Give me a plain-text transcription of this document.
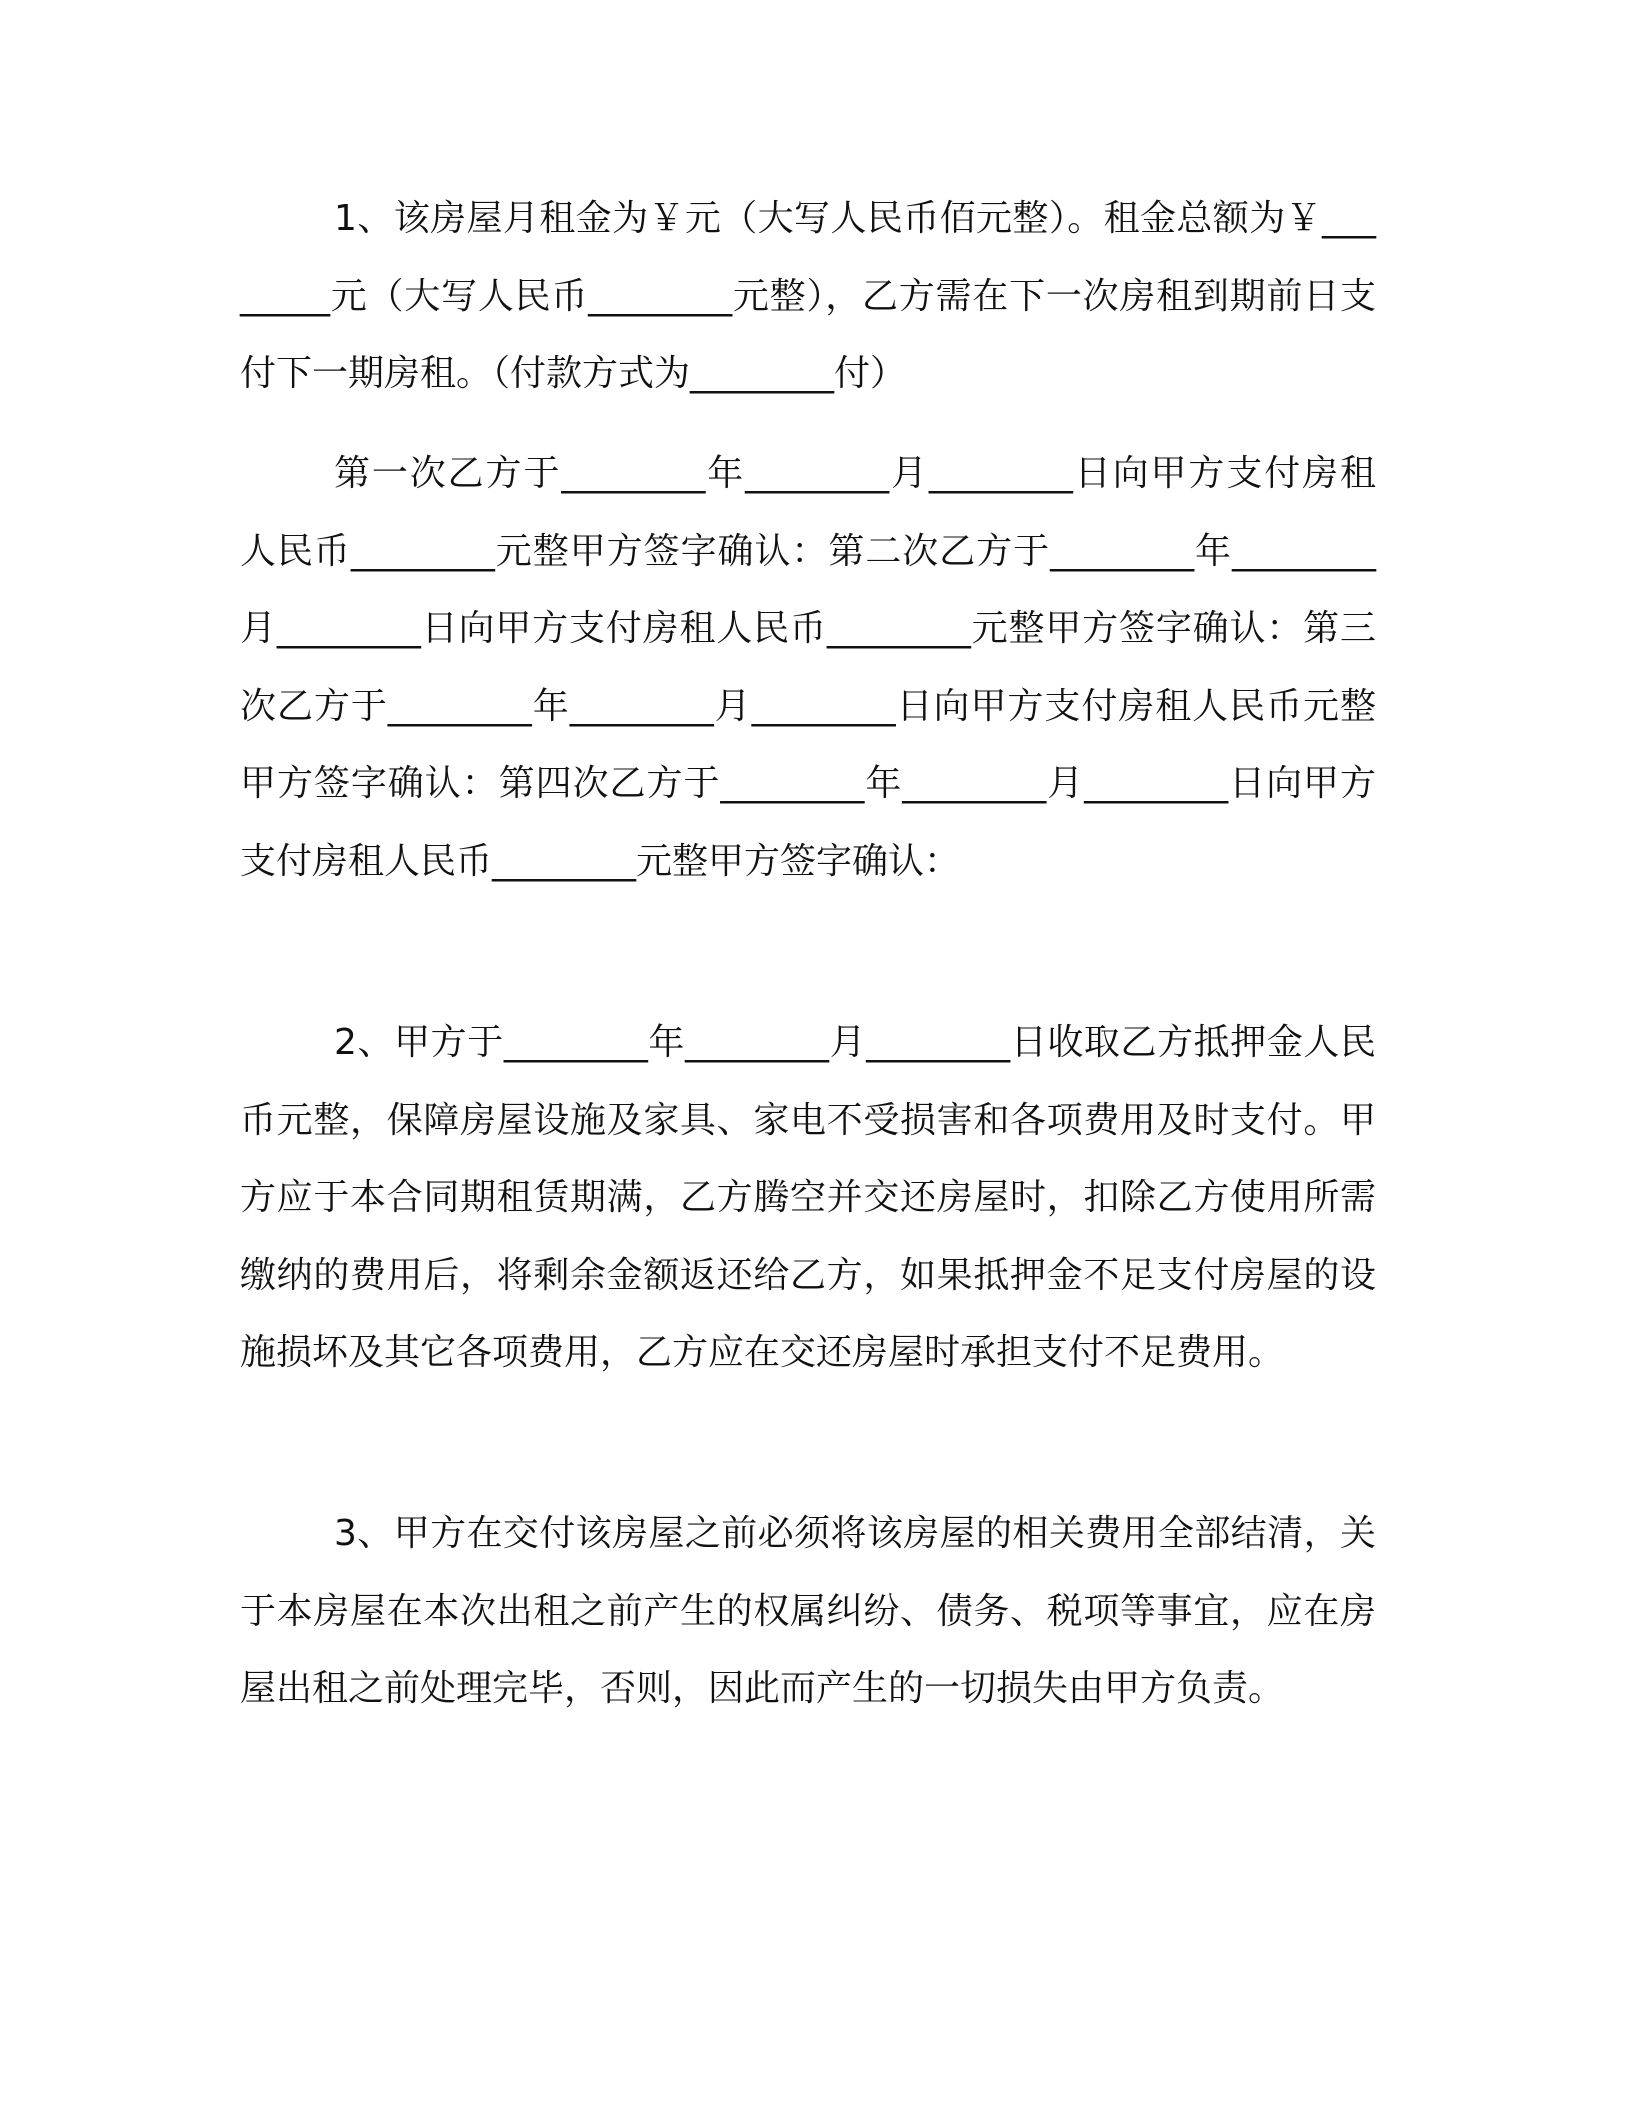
1、该房屋月租金为￥元（大写人民币佰元整）。租金总额为￥________元（大写人民币________元整），乙方需在下一次房租到期前日支付下一期房租。（付款方式为________付）

第一次乙方于________年________月________日向甲方支付房租人民币________元整甲方签字确认：第二次乙方于________年________月________日向甲方支付房租人民币________元整甲方签字确认：第三次乙方于________年________月________日向甲方支付房租人民币元整甲方签字确认：第四次乙方于________年________月________日向甲方支付房租人民币________元整甲方签字确认：

2、甲方于________年________月________日收取乙方抵押金人民币元整，保障房屋设施及家具、家电不受损害和各项费用及时支付。甲方应于本合同期租赁期满，乙方腾空并交还房屋时，扣除乙方使用所需缴纳的费用后，将剩余金额返还给乙方，如果抵押金不足支付房屋的设施损坏及其它各项费用，乙方应在交还房屋时承担支付不足费用。

3、甲方在交付该房屋之前必须将该房屋的相关费用全部结清，关于本房屋在本次出租之前产生的权属纠纷、债务、税项等事宜，应在房屋出租之前处理完毕，否则，因此而产生的一切损失由甲方负责。
